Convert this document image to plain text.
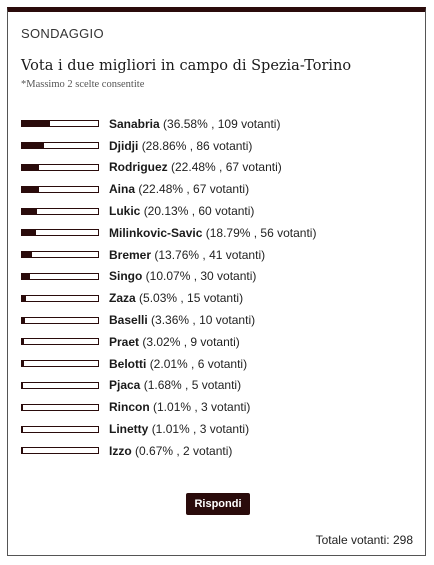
SONDAGGIO
Vota i due migliori in campo di Spezia-Torino
*Massimo 2 scelte consentite
Sanabria (36.58% , 109 votanti)
Djidji (28.86% , 86 votanti)
Rodriguez (22.48% , 67 votanti)
Aina (22.48% , 67 votanti)
Lukic (20.13% , 60 votanti)
Milinkovic-Savic (18.79% , 56 votanti)
Bremer (13.76% , 41 votanti)
Singo (10.07% , 30 votanti)
Zaza (5.03% , 15 votanti)
Baselli (3.36% , 10 votanti)
Praet (3.02% , 9 votanti)
Belotti (2.01% , 6 votanti)
Pjaca (1.68% , 5 votanti)
Rincon (1.01% , 3 votanti)
Linetty (1.01% , 3 votanti)
Izzo (0.67% , 2 votanti)
Rispondi
Totale votanti: 298
